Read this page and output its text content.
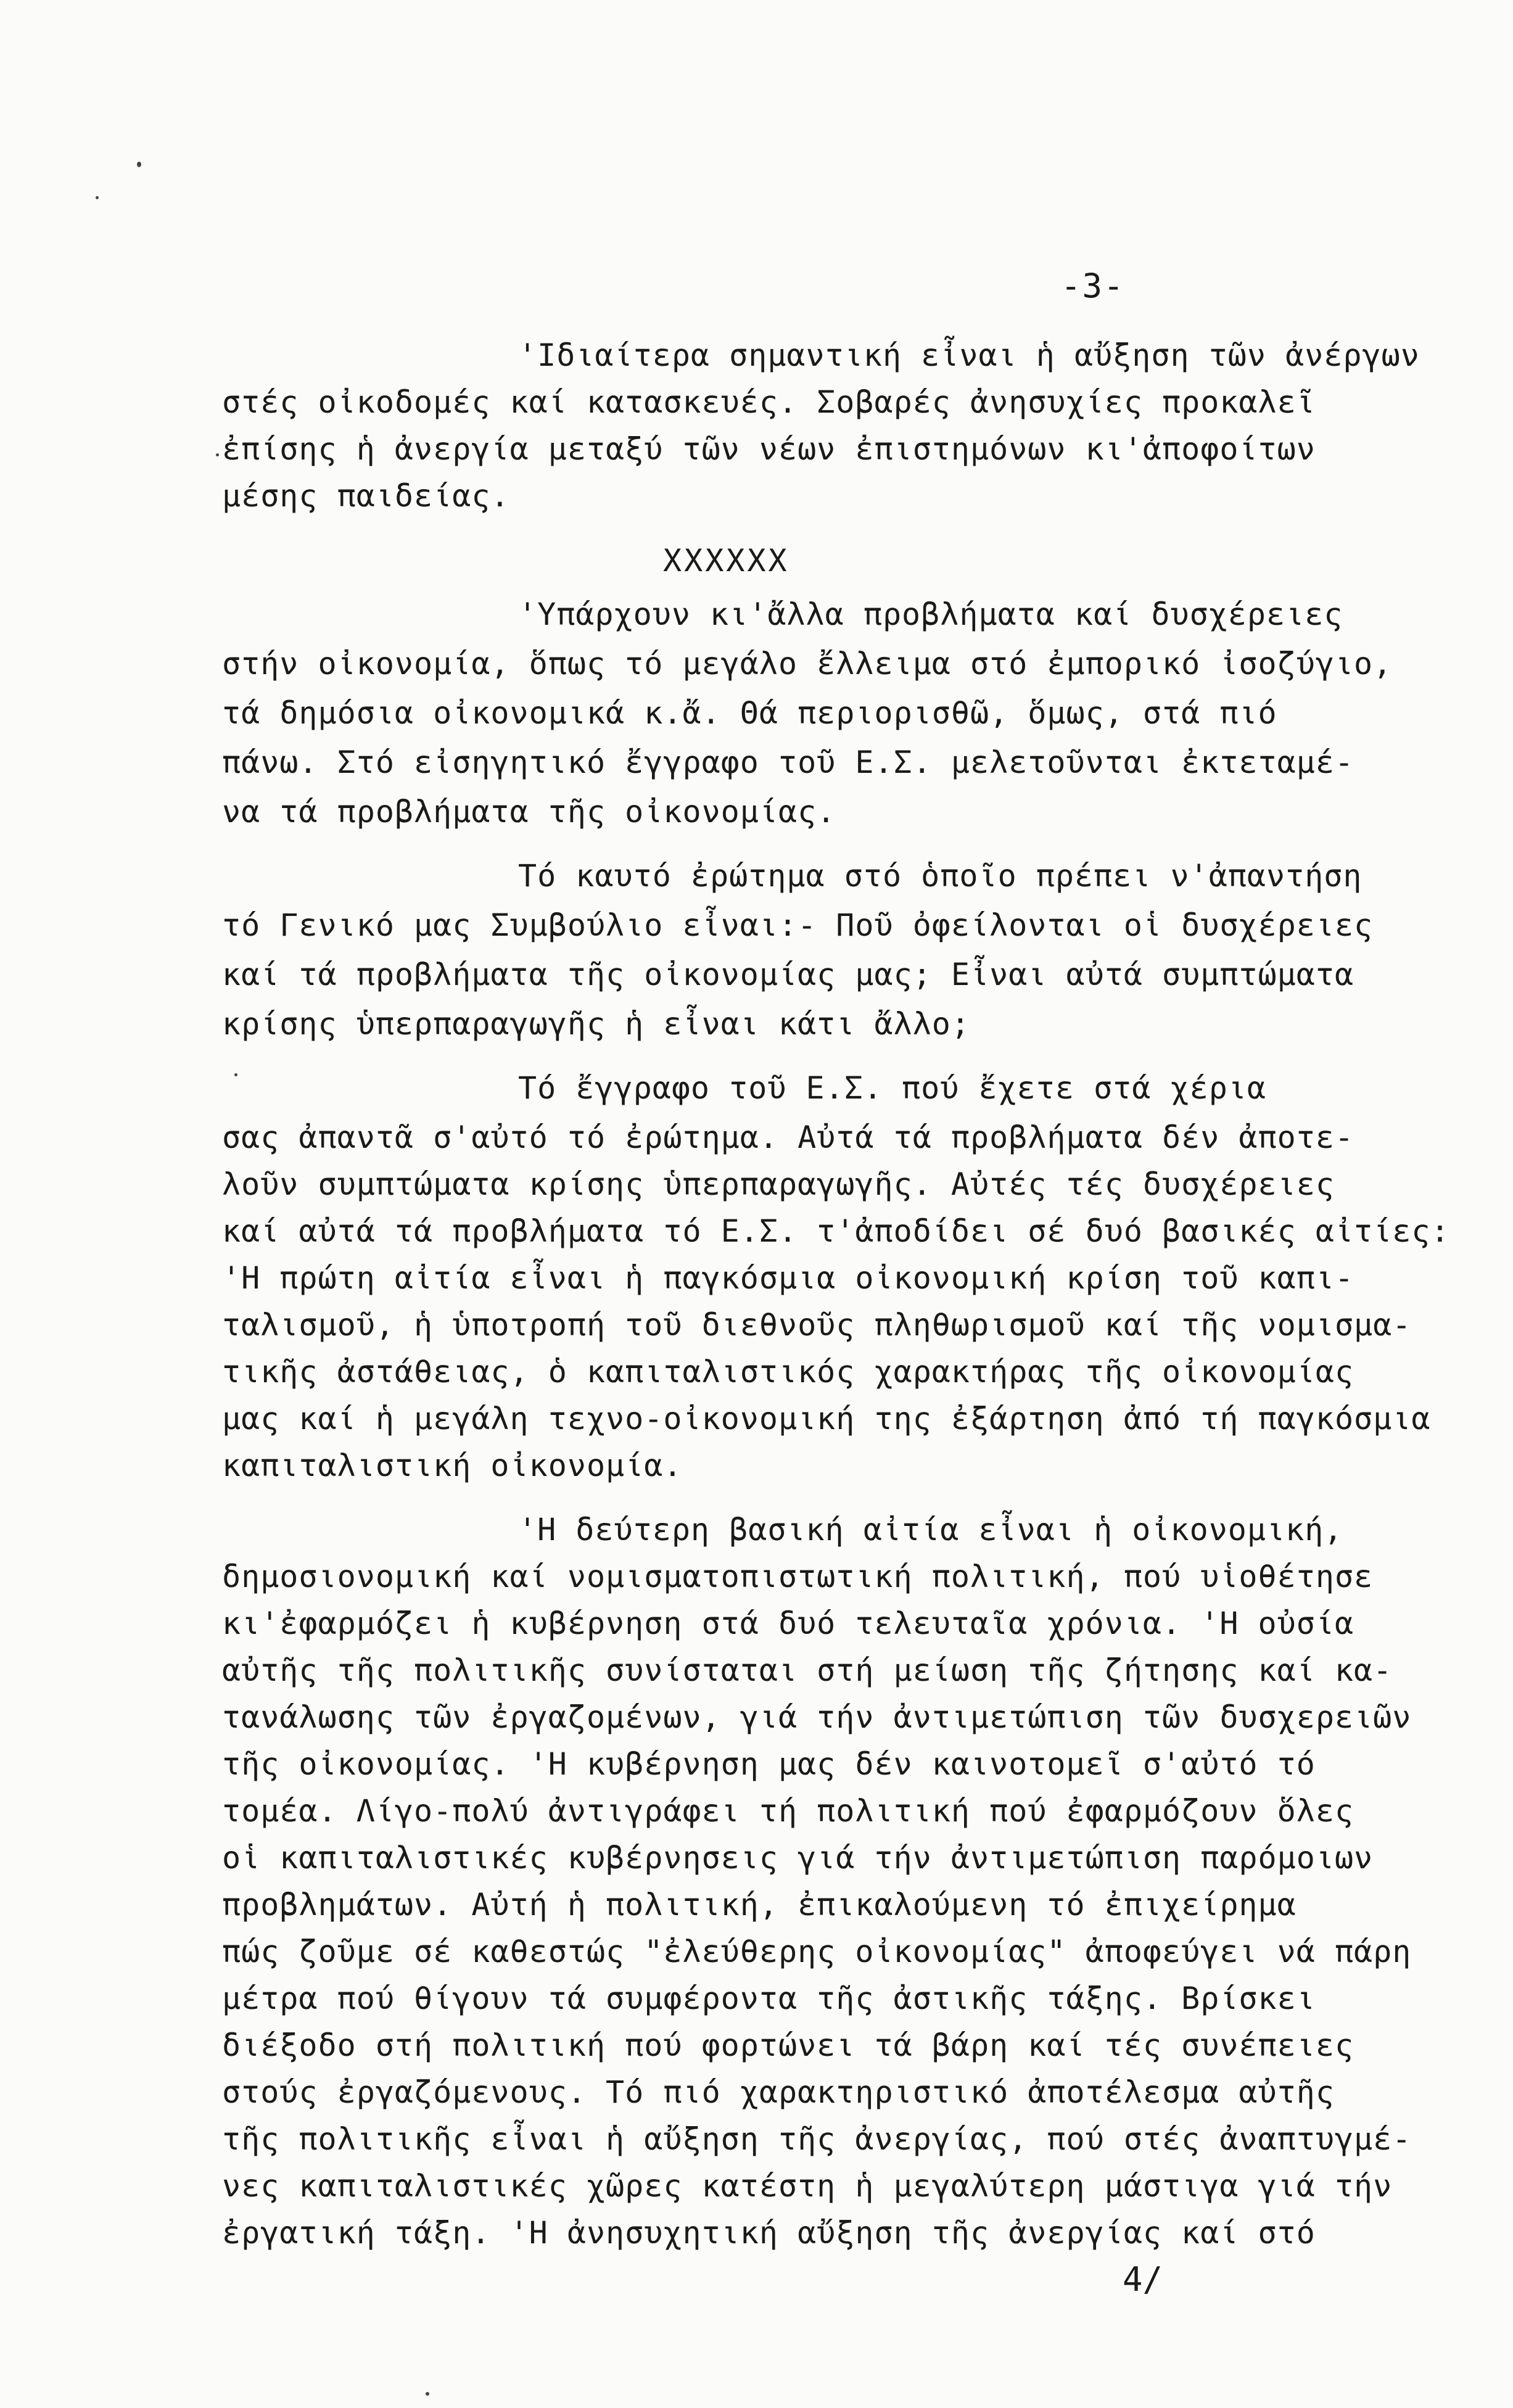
-3-
'Ιδιαίτερα σημαντική εἶναι ἡ αὔξηση τῶν ἀνέργων
στές οἰκοδομές καί κατασκευές. Σοβαρές ἀνησυχίες προκαλεῖ
ἐπίσης ἡ ἀνεργία μεταξύ τῶν νέων ἐπιστημόνων κι'ἀποφοίτων
μέσης παιδείας.
XXXXXX
'Υπάρχουν κι'ἄλλα προβλήματα καί δυσχέρειες
στήν οἰκονομία, ὅπως τό μεγάλο ἔλλειμα στό ἐμπορικό ἰσοζύγιο,
τά δημόσια οἰκονομικά κ.ἄ. Θά περιορισθῶ, ὅμως, στά πιό
πάνω. Στό εἰσηγητικό ἔγγραφο τοῦ Ε.Σ. μελετοῦνται ἐκτεταμέ-
να τά προβλήματα τῆς οἰκονομίας.
Τό καυτό ἐρώτημα στό ὁποῖο πρέπει ν'ἀπαντήση
τό Γενικό μας Συμβούλιο εἶναι:- Ποῦ ὀφείλονται οἱ δυσχέρειες
καί τά προβλήματα τῆς οἰκονομίας μας; Εἶναι αὐτά συμπτώματα
κρίσης ὑπερπαραγωγῆς ἡ εἶναι κάτι ἄλλο;
Τό ἔγγραφο τοῦ Ε.Σ. πού ἔχετε στά χέρια
σας ἀπαντᾶ σ'αὐτό τό ἐρώτημα. Αὐτά τά προβλήματα δέν ἀποτε-
λοῦν συμπτώματα κρίσης ὑπερπαραγωγῆς. Αὐτές τές δυσχέρειες
καί αὐτά τά προβλήματα τό Ε.Σ. τ'ἀποδίδει σέ δυό βασικές αἰτίες:
'Η πρώτη αἰτία εἶναι ἡ παγκόσμια οἰκονομική κρίση τοῦ καπι-
ταλισμοῦ, ἡ ὑποτροπή τοῦ διεθνοῦς πληθωρισμοῦ καί τῆς νομισμα-
τικῆς ἀστάθειας, ὁ καπιταλιστικός χαρακτήρας τῆς οἰκονομίας
μας καί ἡ μεγάλη τεχνο-οἰκονομική της ἐξάρτηση ἀπό τή παγκόσμια
καπιταλιστική οἰκονομία.
'Η δεύτερη βασική αἰτία εἶναι ἡ οἰκονομική,
δημοσιονομική καί νομισματοπιστωτική πολιτική, πού υἱοθέτησε
κι'ἐφαρμόζει ἡ κυβέρνηση στά δυό τελευταῖα χρόνια. 'Η οὐσία
αὐτῆς τῆς πολιτικῆς συνίσταται στή μείωση τῆς ζήτησης καί κα-
τανάλωσης τῶν ἐργαζομένων, γιά τήν ἀντιμετώπιση τῶν δυσχερειῶν
τῆς οἰκονομίας. 'Η κυβέρνηση μας δέν καινοτομεῖ σ'αὐτό τό
τομέα. Λίγο-πολύ ἀντιγράφει τή πολιτική πού ἐφαρμόζουν ὅλες
οἱ καπιταλιστικές κυβέρνησεις γιά τήν ἀντιμετώπιση παρόμοιων
προβλημάτων. Αὐτή ἡ πολιτική, ἐπικαλούμενη τό ἐπιχείρημα
πώς ζοῦμε σέ καθεστώς "ἐλεύθερης οἰκονομίας" ἀποφεύγει νά πάρη
μέτρα πού θίγουν τά συμφέροντα τῆς ἀστικῆς τάξης. Βρίσκει
διέξοδο στή πολιτική πού φορτώνει τά βάρη καί τές συνέπειες
στούς ἐργαζόμενους. Τό πιό χαρακτηριστικό ἀποτέλεσμα αὐτῆς
τῆς πολιτικῆς εἶναι ἡ αὔξηση τῆς ἀνεργίας, πού στές ἀναπτυγμέ-
νες καπιταλιστικές χῶρες κατέστη ἡ μεγαλύτερη μάστιγα γιά τήν
ἐργατική τάξη. 'Η ἀνησυχητική αὔξηση τῆς ἀνεργίας καί στό
4/
